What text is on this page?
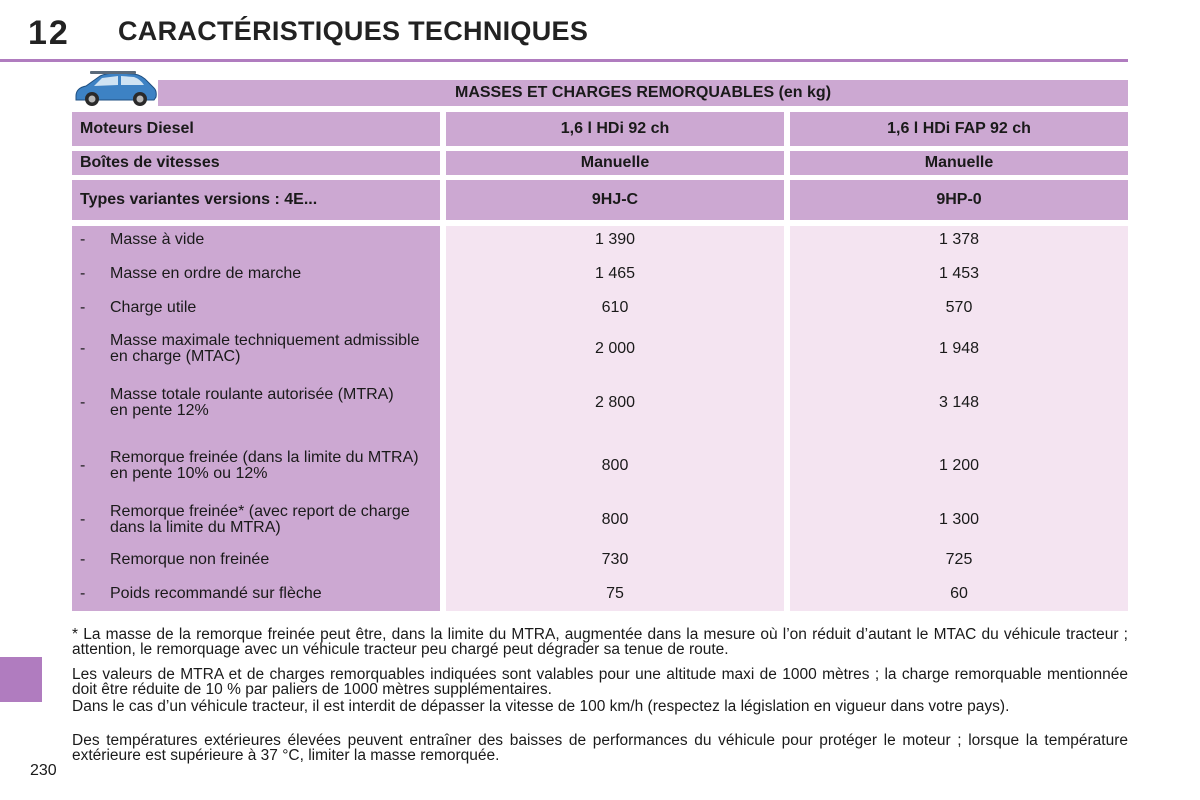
12 CARACTÉRISTIQUES TECHNIQUES
MASSES ET CHARGES REMORQUABLES (en kg)
Moteurs Diesel	1,6 l HDi 92 ch	1,6 l HDi FAP 92 ch
Boîtes de vitesses	Manuelle	Manuelle
Types variantes versions : 4E...	9HJ-C	9HP-0
-	Masse à vide	1 390	1 378
-	Masse en ordre de marche	1 465	1 453
-	Charge utile	610	570
-	Masse maximale techniquement admissible en charge (MTAC)	2 000	1 948
-	Masse totale roulante autorisée (MTRA)
en pente 12%	2 800	3 148
-	Remorque freinée (dans la limite du MTRA)
en pente 10% ou 12%	800	1 200
-	Remorque freinée* (avec report de charge dans la limite du MTRA)	800	1 300
-	Remorque non freinée	730	725
-	Poids recommandé sur flèche	75	60

* La masse de la remorque freinée peut être, dans la limite du MTRA, augmentée dans la mesure où l’on réduit d’autant le MTAC du véhicule tracteur ; attention, le remorquage avec un véhicule tracteur peu chargé peut dégrader sa tenue de route.

Les valeurs de MTRA et de charges remorquables indiquées sont valables pour une altitude maxi de 1000 mètres ; la charge remorquable mentionnée doit être réduite de 10 % par paliers de 1000 mètres supplémentaires.

Dans le cas d’un véhicule tracteur, il est interdit de dépasser la vitesse de 100 km/h (respectez la législation en vigueur dans votre pays).

Des températures extérieures élevées peuvent entraîner des baisses de performances du véhicule pour protéger le moteur ; lorsque la température extérieure est supérieure à 37 °C, limiter la masse remorquée.

230
